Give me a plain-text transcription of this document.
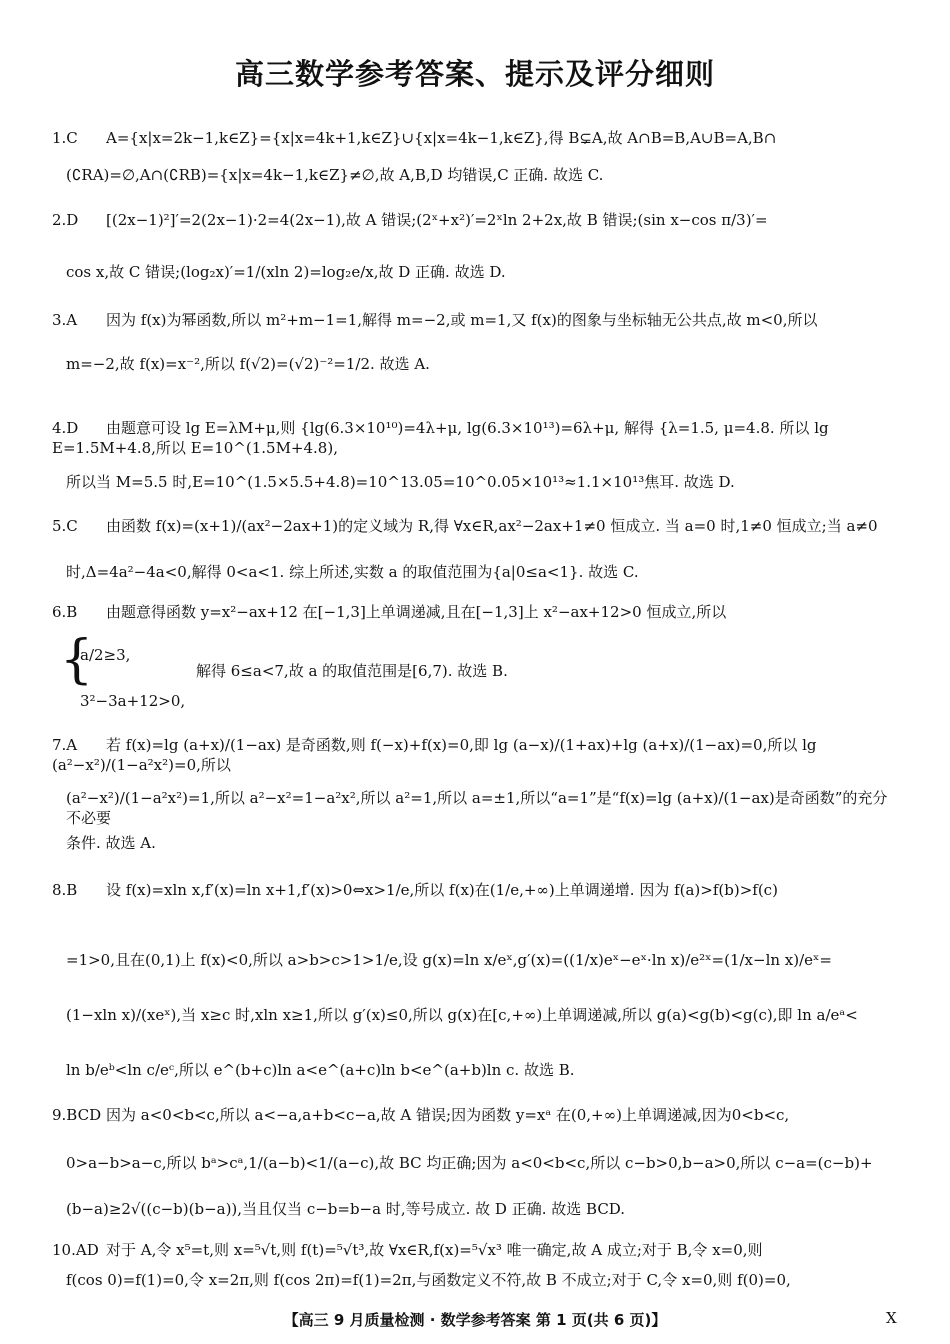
高三数学参考答案、提示及评分细则
1.C A={x|x=2k−1,k∈Z}={x|x=4k+1,k∈Z}∪{x|x=4k−1,k∈Z},得 B⊊A,故 A∩B=B,A∪B=A,B∩
(∁RA)=∅,A∩(∁RB)={x|x=4k−1,k∈Z}≠∅,故 A,B,D 均错误,C 正确. 故选 C.
2.D [(2x−1)²]′=2(2x−1)·2=4(2x−1),故 A 错误;(2ˣ+x²)′=2ˣln 2+2x,故 B 错误;(sin x−cos π/3)′=
cos x,故 C 错误;(log₂x)′=1/(xln 2)=log₂e/x,故 D 正确. 故选 D.
3.A 因为 f(x)为幂函数,所以 m²+m−1=1,解得 m=−2,或 m=1,又 f(x)的图象与坐标轴无公共点,故 m<0,所以
m=−2,故 f(x)=x⁻²,所以 f(√2)=(√2)⁻²=1/2. 故选 A.
4.D 由题意可设 lg E=λM+μ,则 {lg(6.3×10¹⁰)=4λ+μ, lg(6.3×10¹³)=6λ+μ, 解得 {λ=1.5, μ=4.8. 所以 lg E=1.5M+4.8,所以 E=10^(1.5M+4.8),
所以当 M=5.5 时,E=10^(1.5×5.5+4.8)=10^13.05=10^0.05×10¹³≈1.1×10¹³焦耳. 故选 D.
5.C 由函数 f(x)=(x+1)/(ax²−2ax+1)的定义域为 R,得 ∀x∈R,ax²−2ax+1≠0 恒成立. 当 a=0 时,1≠0 恒成立;当 a≠0
时,Δ=4a²−4a<0,解得 0<a<1. 综上所述,实数 a 的取值范围为{a|0≤a<1}. 故选 C.
6.B 由题意得函数 y=x²−ax+12 在[−1,3]上单调递减,且在[−1,3]上 x²−ax+12>0 恒成立,所以
{
a/2≥3,
3²−3a+12>0,
解得 6≤a<7,故 a 的取值范围是[6,7). 故选 B.
7.A 若 f(x)=lg (a+x)/(1−ax) 是奇函数,则 f(−x)+f(x)=0,即 lg (a−x)/(1+ax)+lg (a+x)/(1−ax)=0,所以 lg (a²−x²)/(1−a²x²)=0,所以
(a²−x²)/(1−a²x²)=1,所以 a²−x²=1−a²x²,所以 a²=1,所以 a=±1,所以“a=1”是“f(x)=lg (a+x)/(1−ax)是奇函数”的充分不必要
条件. 故选 A.
8.B 设 f(x)=xln x,f′(x)=ln x+1,f′(x)>0⇔x>1/e,所以 f(x)在(1/e,+∞)上单调递增. 因为 f(a)>f(b)>f(c)
=1>0,且在(0,1)上 f(x)<0,所以 a>b>c>1>1/e,设 g(x)=ln x/eˣ,g′(x)=((1/x)eˣ−eˣ·ln x)/e²ˣ=(1/x−ln x)/eˣ=
(1−xln x)/(xeˣ),当 x≥c 时,xln x≥1,所以 g′(x)≤0,所以 g(x)在[c,+∞)上单调递减,所以 g(a)<g(b)<g(c),即 ln a/eᵃ<
ln b/eᵇ<ln c/eᶜ,所以 e^(b+c)ln a<e^(a+c)ln b<e^(a+b)ln c. 故选 B.
9.BCD 因为 a<0<b<c,所以 a<−a,a+b<c−a,故 A 错误;因为函数 y=xᵃ 在(0,+∞)上单调递减,因为0<b<c,
0>a−b>a−c,所以 bᵃ>cᵃ,1/(a−b)<1/(a−c),故 BC 均正确;因为 a<0<b<c,所以 c−b>0,b−a>0,所以 c−a=(c−b)+
(b−a)≥2√((c−b)(b−a)),当且仅当 c−b=b−a 时,等号成立. 故 D 正确. 故选 BCD.
10.AD 对于 A,令 x⁵=t,则 x=⁵√t,则 f(t)=⁵√t³,故 ∀x∈R,f(x)=⁵√x³ 唯一确定,故 A 成立;对于 B,令 x=0,则
f(cos 0)=f(1)=0,令 x=2π,则 f(cos 2π)=f(1)=2π,与函数定义不符,故 B 不成立;对于 C,令 x=0,则 f(0)=0,
【高三 9 月质量检测 · 数学参考答案 第 1 页(共 6 页)】	X
